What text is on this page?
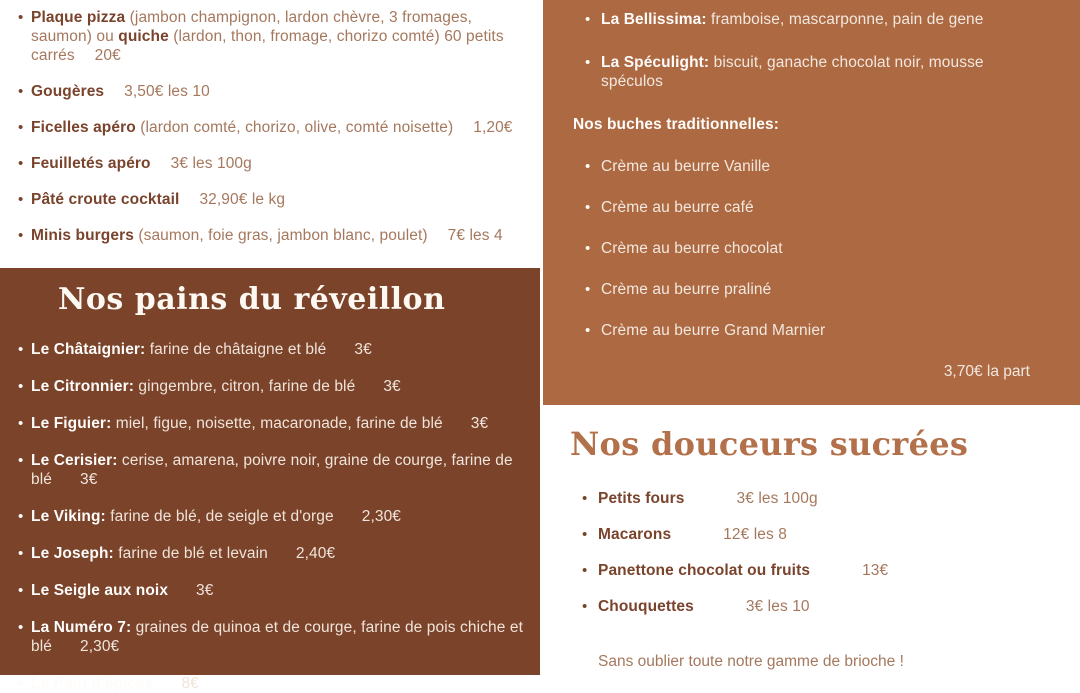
• Plaque pizza (jambon champignon, lardon chèvre, 3 fromages, saumon) ou quiche (lardon, thon, fromage, chorizo comté) 60 petits carrés 20€
• Gougères 3,50€ les 10
• Ficelles apéro (lardon comté, chorizo, olive, comté noisette) 1,20€
• Feuilletés apéro 3€ les 100g
• Pâté croute cocktail 32,90€ le kg
• Minis burgers (saumon, foie gras, jambon blanc, poulet) 7€ les 4
Nos pains du réveillon
• Le Châtaignier: farine de châtaigne et blé 3€
• Le Citronnier: gingembre, citron, farine de blé 3€
• Le Figuier: miel, figue, noisette, macaronade, farine de blé 3€
• Le Cerisier: cerise, amarena, poivre noir, graine de courge, farine de blé 3€
• Le Viking: farine de blé, de seigle et d'orge 2,30€
• Le Joseph: farine de blé et levain 2,40€
• Le Seigle aux noix 3€
• La Numéro 7: graines de quinoa et de courge, farine de pois chiche et blé 2,30€
• Le Pain d'épices 8€
• La Bellissima: framboise, mascarponne, pain de gene
• La Spéculight: biscuit, ganache chocolat noir, mousse spéculos
Nos buches traditionnelles:
• Crème au beurre Vanille
• Crème au beurre café
• Crème au beurre chocolat
• Crème au beurre praliné
• Crème au beurre Grand Marnier
3,70€ la part
Nos douceurs sucrées
• Petits fours	3€ les 100g
• Macarons	12€ les 8
• Panettone chocolat ou fruits	13€
• Chouquettes	3€ les 10
Sans oublier toute notre gamme de brioche !
